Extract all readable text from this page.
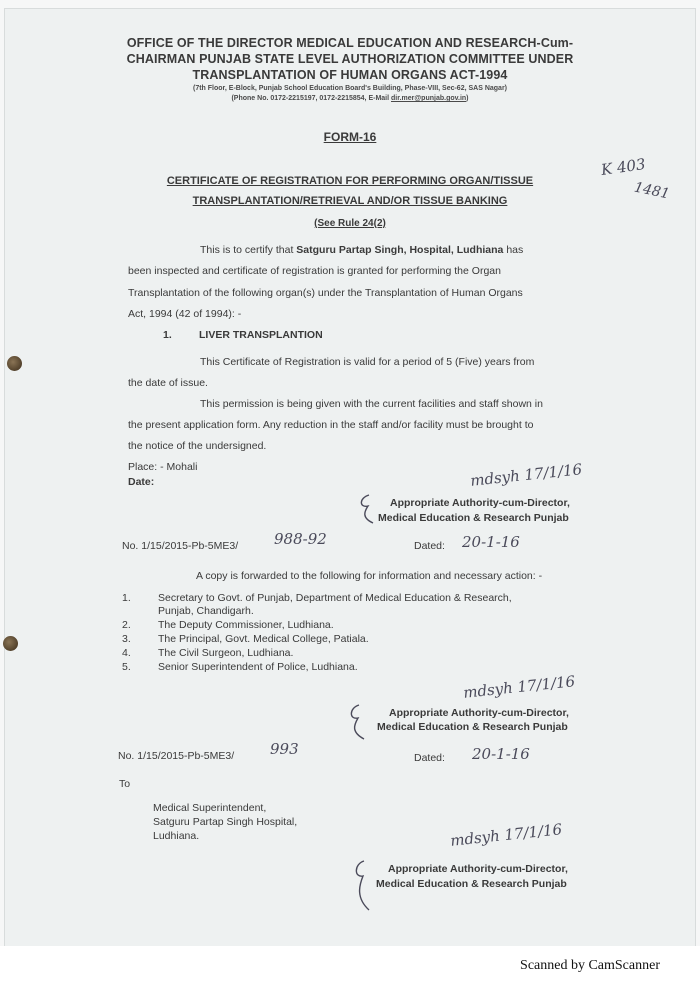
OFFICE OF THE DIRECTOR MEDICAL EDUCATION AND RESEARCH-Cum-
CHAIRMAN PUNJAB STATE LEVEL AUTHORIZATION COMMITTEE UNDER
TRANSPLANTATION OF HUMAN ORGANS ACT-1994
(7th Floor, E-Block, Punjab School Education Board's Building, Phase-VIII, Sec-62, SAS Nagar)
(Phone No. 0172-2215197, 0172-2215854, E-Mail dir.mer@punjab.gov.in)
FORM-16
K 403
1481
CERTIFICATE OF REGISTRATION FOR PERFORMING ORGAN/TISSUE
TRANSPLANTATION/RETRIEVAL AND/OR TISSUE BANKING
(See Rule 24(2)
This is to certify that Satguru Partap Singh, Hospital, Ludhiana has
been inspected and certificate of registration is granted for performing the Organ
Transplantation of the following organ(s) under the Transplantation of Human Organs
Act, 1994 (42 of 1994): -
1.	LIVER TRANSPLANTION
This Certificate of Registration is valid for a period of 5 (Five) years from
the date of issue.
This permission is being given with the current facilities and staff shown in
the present application form. Any reduction in the staff and/or facility must be brought to
the notice of the undersigned.
Place: - Mohali
Date:	mdsyh 17/1/16
Appropriate Authority-cum-Director,
Medical Education & Research Punjab
No. 1/15/2015-Pb-5ME3/ 988-92	Dated: 20-1-16
A copy is forwarded to the following for information and necessary action: -
1.	Secretary to Govt. of Punjab, Department of Medical Education & Research,
Punjab, Chandigarh.
2.	The Deputy Commissioner, Ludhiana.
3.	The Principal, Govt. Medical College, Patiala.
4.	The Civil Surgeon, Ludhiana.
5.	Senior Superintendent of Police, Ludhiana.
mdsyh 17/1/16
Appropriate Authority-cum-Director,
Medical Education & Research Punjab
No. 1/15/2015-Pb-5ME3/ 993	Dated: 20-1-16
To
Medical Superintendent,
Satguru Partap Singh Hospital,
Ludhiana.	mdsyh 17/1/16
Appropriate Authority-cum-Director,
Medical Education & Research Punjab
Scanned by CamScanner
